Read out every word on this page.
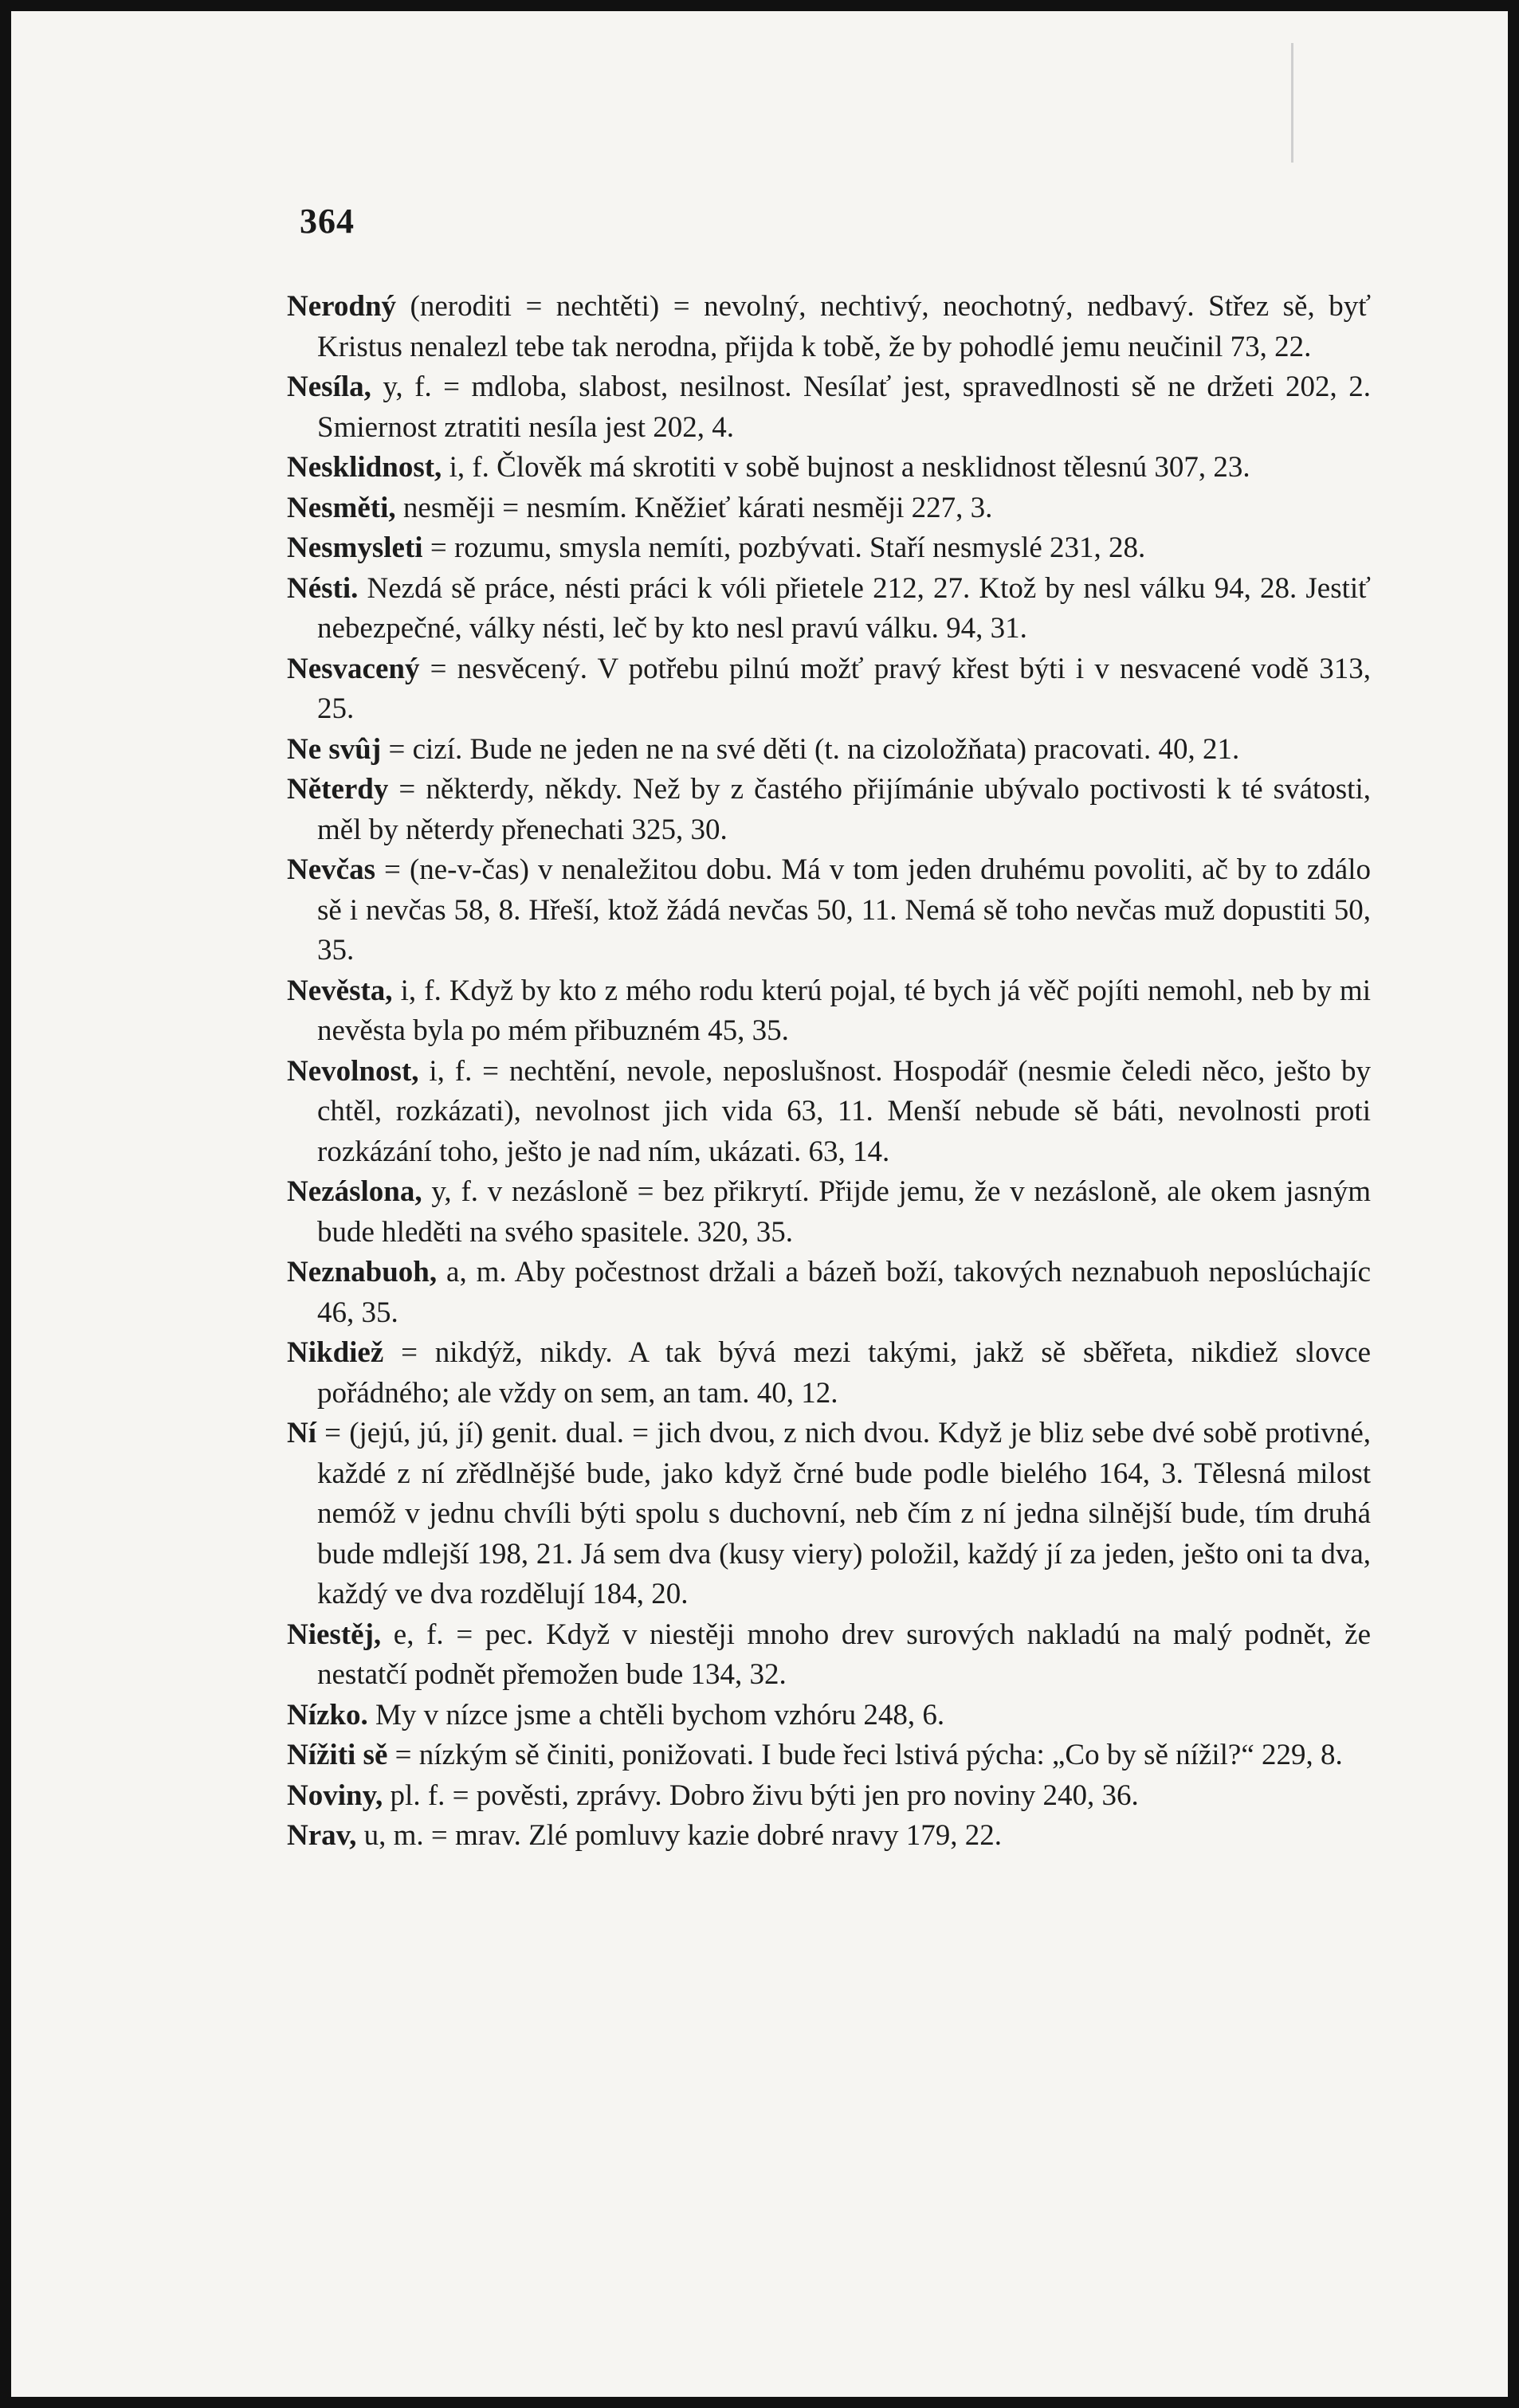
364

Nerodný (neroditi = nechtěti) = nevolný, nechtivý, neochotný, nedbavý. Střez sě, byť Kristus nenalezl tebe tak nerodna, přijda k tobě, že by pohodlé jemu neučinil 73, 22.

Nesíla, y, f. = mdloba, slabost, nesilnost. Nesílať jest, spravedlnosti sě ne držeti 202, 2. Smiernost ztratiti nesíla jest 202, 4.

Nesklidnost, i, f. Člověk má skrotiti v sobě bujnost a nesklidnost tělesnú 307, 23.

Nesměti, nesměji = nesmím. Kněžieť kárati nesměji 227, 3.

Nesmysleti = rozumu, smysla nemíti, pozbývati. Staří nesmyslé 231, 28.

Nésti. Nezdá sě práce, nésti práci k vóli přietele 212, 27. Ktož by nesl válku 94, 28. Jestiť nebezpečné, války nésti, leč by kto nesl pravú válku. 94, 31.

Nesvacený = nesvěcený. V potřebu pilnú možť pravý křest býti i v nesvacené vodě 313, 25.

Ne svûj = cizí. Bude ne jeden ne na své děti (t. na cizoložňata) pracovati. 40, 21.

Něterdy = některdy, někdy. Než by z častého přijímánie ubývalo poctivosti k té svátosti, měl by něterdy přenechati 325, 30.

Nevčas = (ne-v-čas) v nenaležitou dobu. Má v tom jeden druhému povoliti, ač by to zdálo sě i nevčas 58, 8. Hřeší, ktož žádá nevčas 50, 11. Nemá sě toho nevčas muž dopustiti 50, 35.

Nevěsta, i, f. Když by kto z mého rodu kterú pojal, té bych já věč pojíti nemohl, neb by mi nevěsta byla po mém přibuzném 45, 35.

Nevolnost, i, f. = nechtění, nevole, neposlušnost. Hospodář (nesmie čeledi něco, ješto by chtěl, rozkázati), nevolnost jich vida 63, 11. Menší nebude sě báti, nevolnosti proti rozkázání toho, ješto je nad ním, ukázati. 63, 14.

Nezáslona, y, f. v nezásloně = bez přikrytí. Přijde jemu, že v nezásloně, ale okem jasným bude hleděti na svého spasitele. 320, 35.

Neznabuoh, a, m. Aby počestnost držali a bázeň boží, takových neznabuoh neposlúchajíc 46, 35.

Nikdiež = nikdýž, nikdy. A tak bývá mezi takými, jakž sě sběřeta, nikdiež slovce pořádného; ale vždy on sem, an tam. 40, 12.

Ní = (jejú, jú, jí) genit. dual. = jich dvou, z nich dvou. Když je bliz sebe dvé sobě protivné, každé z ní zřědlnějšé bude, jako když črné bude podle bielého 164, 3. Tělesná milost nemóž v jednu chvíli býti spolu s duchovní, neb čím z ní jedna silnější bude, tím druhá bude mdlejší 198, 21. Já sem dva (kusy viery) položil, každý jí za jeden, ješto oni ta dva, každý ve dva rozdělují 184, 20.

Niestěj, e, f. = pec. Když v niestěji mnoho drev surových nakladú na malý podnět, že nestatčí podnět přemožen bude 134, 32.

Nízko. My v nízce jsme a chtěli bychom vzhóru 248, 6.

Nížiti sě = nízkým sě činiti, ponižovati. I bude řeci lstivá pýcha: „Co by sě nížil?“ 229, 8.

Noviny, pl. f. = pověsti, zprávy. Dobro živu býti jen pro noviny 240, 36.

Nrav, u, m. = mrav. Zlé pomluvy kazie dobré nravy 179, 22.
